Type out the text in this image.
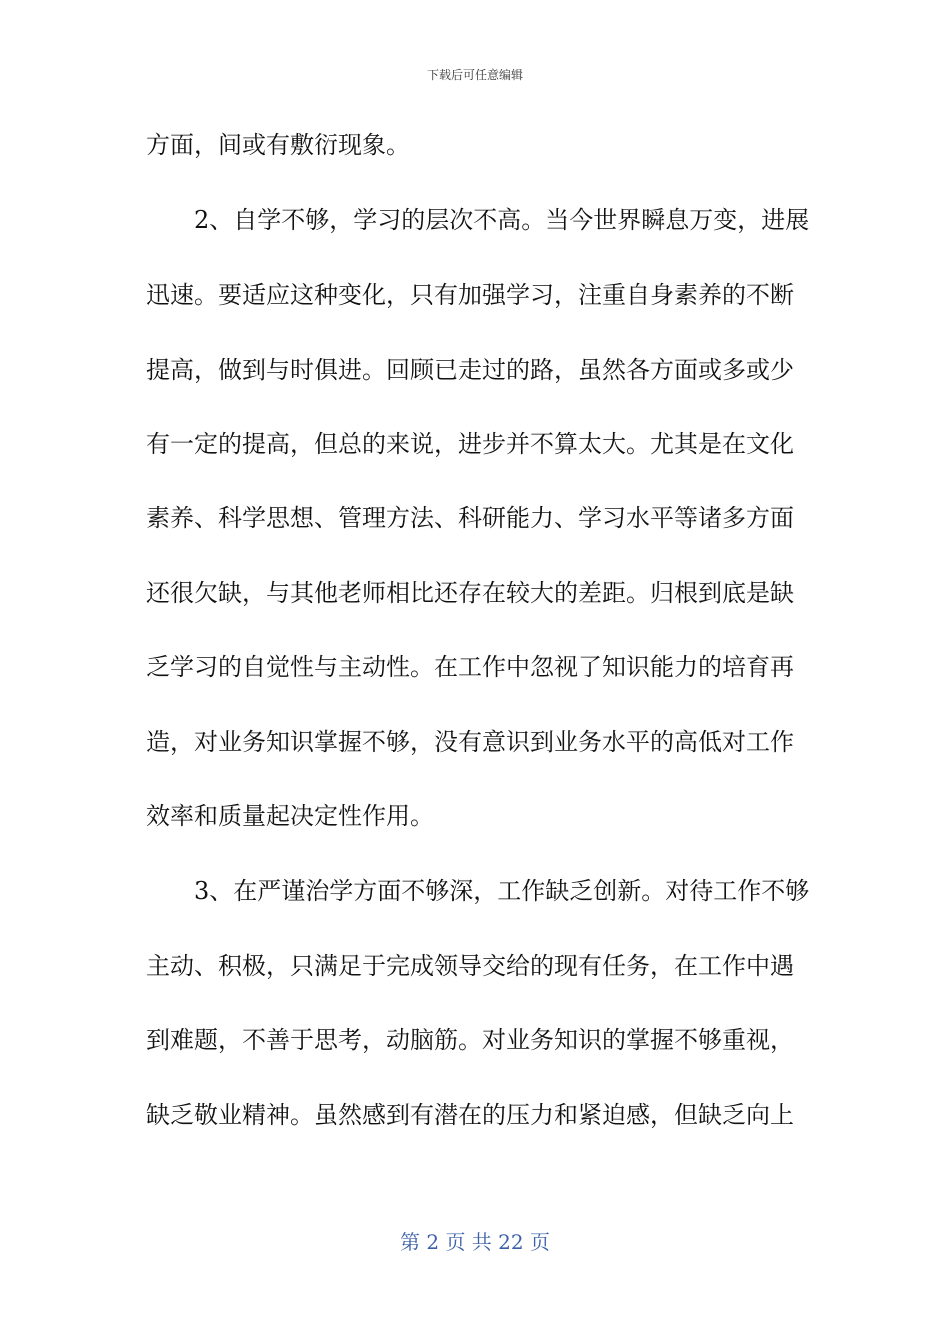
下载后可任意编辑
方面，间或有敷衍现象。
2、自学不够，学习的层次不高。当今世界瞬息万变，进展
迅速。要适应这种变化，只有加强学习，注重自身素养的不断
提高，做到与时俱进。回顾已走过的路，虽然各方面或多或少
有一定的提高，但总的来说，进步并不算太大。尤其是在文化
素养、科学思想、管理方法、科研能力、学习水平等诸多方面
还很欠缺，与其他老师相比还存在较大的差距。归根到底是缺
乏学习的自觉性与主动性。在工作中忽视了知识能力的培育再
造，对业务知识掌握不够，没有意识到业务水平的高低对工作
效率和质量起决定性作用。
3、在严谨治学方面不够深，工作缺乏创新。对待工作不够
主动、积极，只满足于完成领导交给的现有任务，在工作中遇
到难题，不善于思考，动脑筋。对业务知识的掌握不够重视，
缺乏敬业精神。虽然感到有潜在的压力和紧迫感，但缺乏向上
第 2 页 共 22 页
